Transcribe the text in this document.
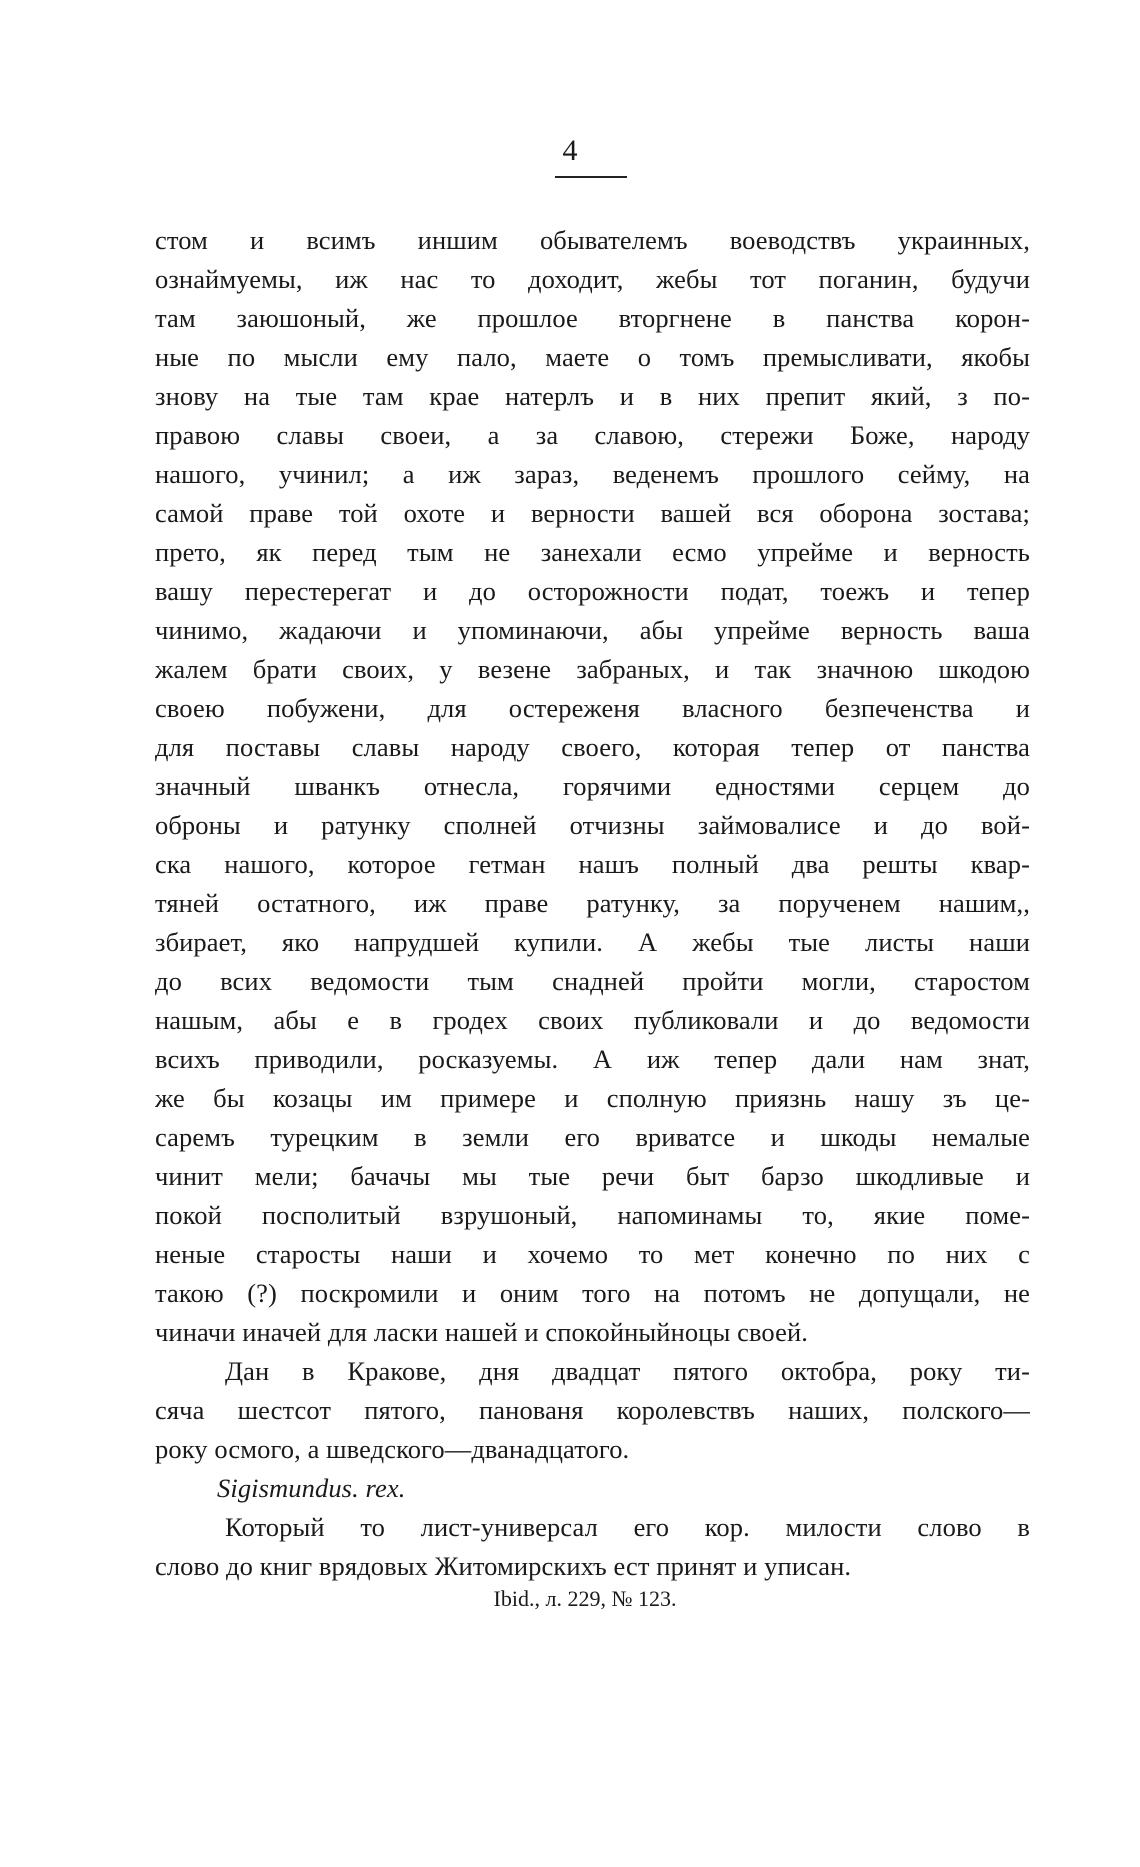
4
стом и всимъ иншим обывателемъ воеводствъ украинных,
ознаймуемы, иж нас то доходит, жебы тот поганин, будучи
там заюшоный, же прошлое вторгнене в панства корон-
ные по мысли ему пало, маете о томъ премысливати, якобы
знову на тые там крае натерлъ и в них препит який, з по-
правою славы своеи, а за славою, стережи Боже, народу
нашого, учинил; а иж зараз, веденемъ прошлого сейму, на
самой праве той охоте и верности вашей вся оборона зостава;
прето, як перед тым не занехали есмо упрейме и верность
вашу перестерегат и до осторожности подат, тоежъ и тепер
чинимо, жадаючи и упоминаючи, абы упрейме верность ваша
жалем брати своих, у везене забраных, и так значною шкодою
своею побужени, для остереженя власного безпеченства и
для поставы славы народу своего, которая тепер от панства
значный шванкъ отнесла, горячими едностями серцем до
оброны и ратунку сполней отчизны займовалисе и до вой-
ска нашого, которое гетман нашъ полный два решты квар-
тяней остатного, иж праве ратунку, за порученем нашим,,
збирает, яко напрудшей купили. А жебы тые листы наши
до всих ведомости тым снадней пройти могли, старостом
нашым, абы е в гродех своих публиковали и до ведомости
всихъ приводили, росказуемы. А иж тепер дали нам знат,
же бы козацы им примере и сполную приязнь нашу зъ це-
саремъ турецким в земли его вриватсе и шкоды немалые
чинит мели; бачачы мы тые речи быт барзо шкодливые и
покой посполитый взрушоный, напоминамы то, якие поме-
неные старосты наши и хочемо то мет конечно по них с
такою (?) поскромили и оним того на потомъ не допущали, не
чиначи иначей для ласки нашей и спокойныйноцы своей.
Дан в Кракове, дня двадцат пятого октобра, року ти-
сяча шестсот пятого, панованя королевствъ наших, полского—
року осмого, а шведского—дванадцатого.
Sigismundus. rex.
Который то лист-универсал его кор. милости слово в
слово до книг врядовых Житомирскихъ ест принят и уписан.
Ibid., л. 229, № 123.
